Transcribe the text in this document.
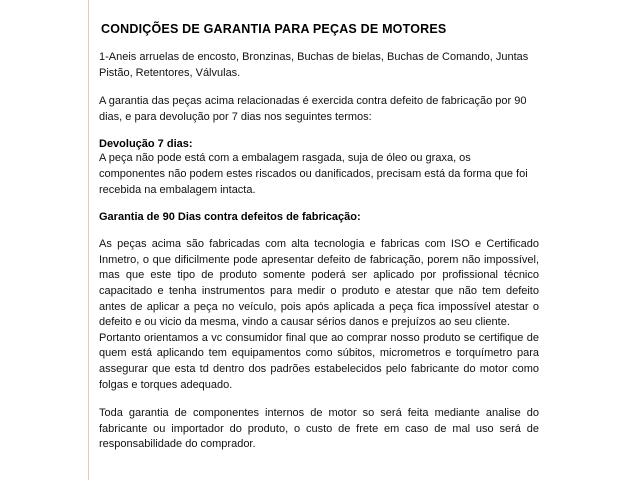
CONDIÇÕES DE GARANTIA PARA PEÇAS DE MOTORES

1-Aneis arruelas de encosto, Bronzinas, Buchas de bielas, Buchas de Comando, Juntas Pistão, Retentores, Válvulas.

A garantia das peças acima relacionadas é exercida contra defeito de fabricação por 90 dias, e para devolução por 7 dias nos seguintes termos:

Devolução 7 dias:

A peça não pode está com a embalagem rasgada, suja de óleo ou graxa, os componentes não podem estes riscados ou danificados, precisam está da forma que foi recebida na embalagem intacta.

Garantia de 90 Dias contra defeitos de fabricação:

As peças acima são fabricadas com alta tecnologia e fabricas com ISO e Certificado Inmetro, o que dificilmente pode apresentar defeito de fabricação, porem não impossível, mas que este tipo de produto somente poderá ser aplicado por profissional técnico capacitado e tenha instrumentos para medir o produto e atestar que não tem defeito antes de aplicar a peça no veículo, pois após aplicada a peça fica impossível atestar o defeito e ou vicio da mesma, vindo a causar sérios danos e prejuízos ao seu cliente.

Portanto orientamos a vc consumidor final que ao comprar nosso produto se certifique de quem está aplicando tem equipamentos como súbitos, micrometros e torquímetro para assegurar que esta td dentro dos padrões estabelecidos pelo fabricante do motor como folgas e torques adequado.

Toda garantia de componentes internos de motor so será feita mediante analise do fabricante ou importador do produto, o custo de frete em caso de mal uso será de responsabilidade do comprador.
